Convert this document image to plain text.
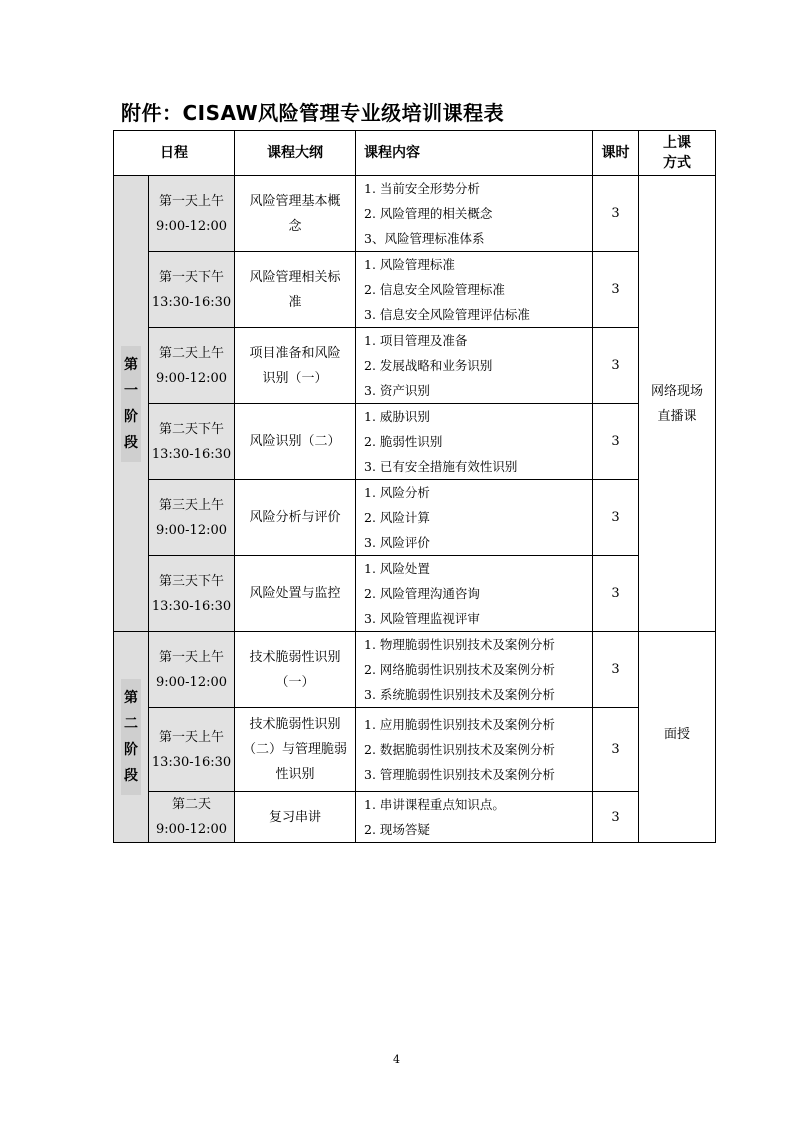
附件：CISAW风险管理专业级培训课程表
日程		课程大纲	课程内容	课时	上课
方式

第
一
阶
段	第一天上午
9:00-12:00	风险管理基本概
念	1. 当前安全形势分析
2. 风险管理的相关概念
3、风险管理标准体系	3	网络现场
直播课

	第一天下午
13:30-16:30	风险管理相关标
准	1. 风险管理标准
2. 信息安全风险管理标准
3. 信息安全风险管理评估标准	3	

	第二天上午
9:00-12:00	项目准备和风险
识别（一）	1. 项目管理及准备
2. 发展战略和业务识别
3. 资产识别	3	

	第二天下午
13:30-16:30	风险识别（二）	1. 威胁识别
2. 脆弱性识别
3. 已有安全措施有效性识别	3	

	第三天上午
9:00-12:00	风险分析与评价	1. 风险分析
2. 风险计算
3. 风险评价	3	

	第三天下午
13:30-16:30	风险处置与监控	1. 风险处置
2. 风险管理沟通咨询
3. 风险管理监视评审	3	

第
二
阶
段	第一天上午
9:00-12:00	技术脆弱性识别
（一）	1. 物理脆弱性识别技术及案例分析
2. 网络脆弱性识别技术及案例分析
3. 系统脆弱性识别技术及案例分析	3	面授

	第一天上午
13:30-16:30	技术脆弱性识别
（二）与管理脆弱
性识别	1. 应用脆弱性识别技术及案例分析
2. 数据脆弱性识别技术及案例分析
3. 管理脆弱性识别技术及案例分析	3	

	第二天
9:00-12:00	复习串讲	1. 串讲课程重点知识点。
2. 现场答疑	3	
4
